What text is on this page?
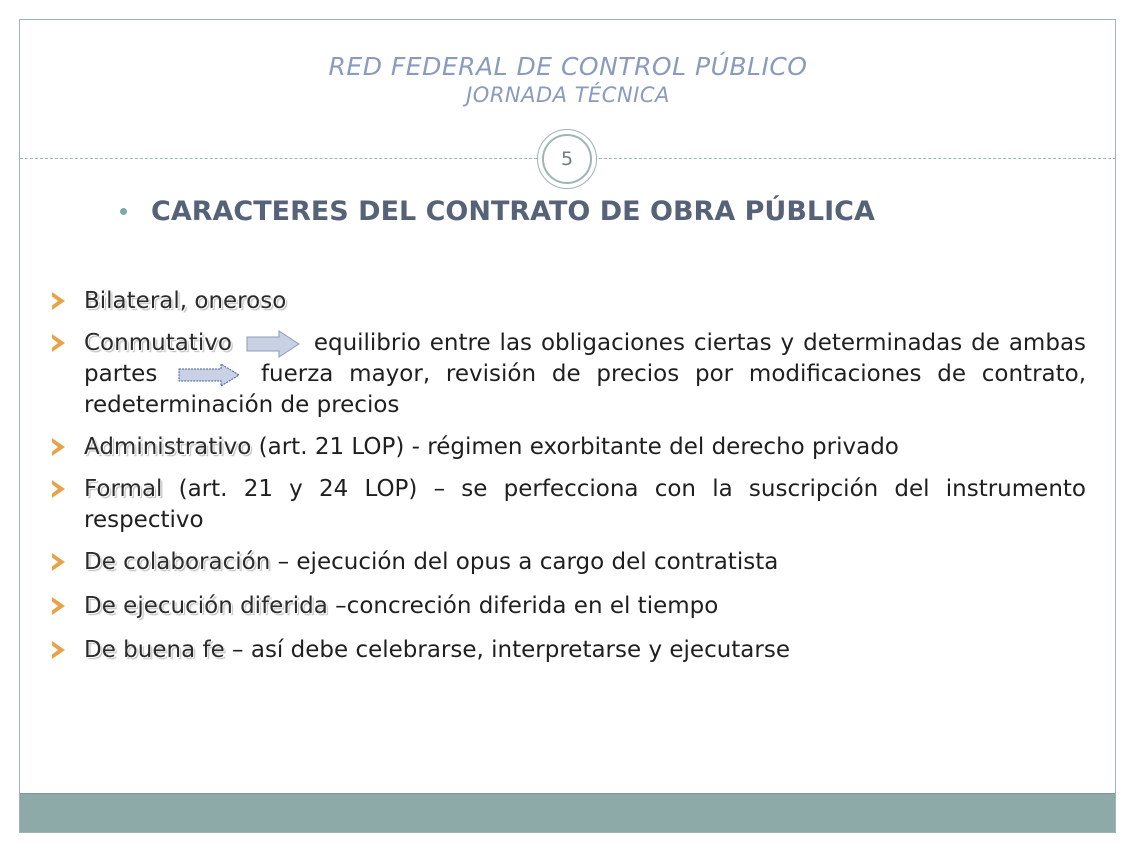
RED FEDERAL DE CONTROL PÚBLICO
JORNADA TÉCNICA
5
CARACTERES DEL CONTRATO DE OBRA PÚBLICA
Bilateral, oneroso
Conmutativo	equilibrio entre las obligaciones ciertas y determinadas de ambas partes	fuerza mayor, revisión de precios por modificaciones de contrato, redeterminación de precios
Administrativo (art. 21 LOP) - régimen exorbitante del derecho privado
Formal (art. 21 y 24 LOP) – se perfecciona con la suscripción del instrumento respectivo
De colaboración – ejecución del opus a cargo del contratista
De ejecución diferida –concreción diferida en el tiempo
De buena fe – así debe celebrarse, interpretarse y ejecutarse
